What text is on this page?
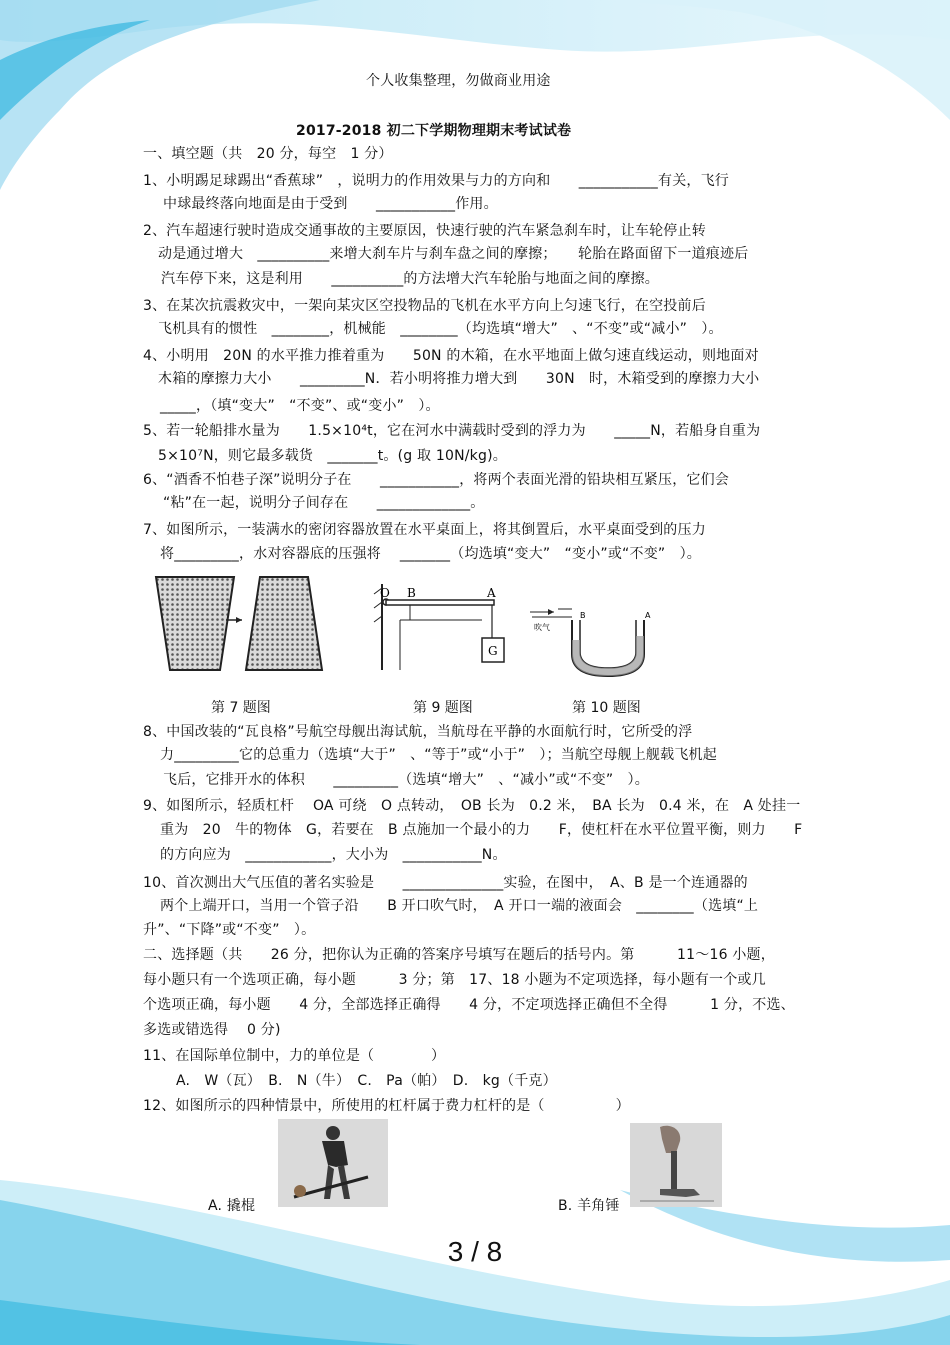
个人收集整理，勿做商业用途
2017-2018 初二下学期物理期末考试试卷
一、填空题（共　20 分，每空　1 分）
1、小明踢足球踢出“香蕉球”　，说明力的作用效果与力的方向和　　___________有关，飞行
中球最终落向地面是由于受到　　___________作用。
2、汽车超速行驶时造成交通事故的主要原因，快速行驶的汽车紧急刹车时，让车轮停止转
动是通过增大　__________来增大刹车片与刹车盘之间的摩擦；　　轮胎在路面留下一道痕迹后
汽车停下来，这是利用　　__________的方法增大汽车轮胎与地面之间的摩擦。
3、在某次抗震救灾中，一架向某灾区空投物品的飞机在水平方向上匀速飞行，在空投前后
飞机具有的惯性　________，机械能　________（均选填“增大”　、“不变”或“减小”　）。
4、小明用　20N 的水平推力推着重为　　50N 的木箱，在水平地面上做匀速直线运动，则地面对
木箱的摩擦力大小　　_________N．若小明将推力增大到　　30N　时，木箱受到的摩擦力大小
_____，（填“变大”　“不变”、或“变小”　）。
5、若一轮船排水量为　　1.5×10⁴t，它在河水中满载时受到的浮力为　　_____N，若船身自重为
5×10⁷N，则它最多载货　_______t。(g 取 10N/kg)。
6、“酒香不怕巷子深”说明分子在　　___________，将两个表面光滑的铅块相互紧压，它们会
“粘”在一起，说明分子间存在　　_____________。
7、如图所示，一装满水的密闭容器放置在水平桌面上，将其倒置后，水平桌面受到的压力
将_________，水对容器底的压强将　 _______（均选填“变大”　“变小”或“不变”　）。
O B	A
G
吹气
B	A
第 7 题图	第 9 题图	第 10 题图
8、中国改装的“瓦良格”号航空母舰出海试航，当航母在平静的水面航行时，它所受的浮
力_________它的总重力（选填“大于”　、“等于”或“小于”　）；当航空母舰上舰载飞机起
飞后，它排开水的体积　　_________（选填“增大”　、“减小”或“不变”　）。
9、如图所示，轻质杠杆　 OA 可绕　O 点转动，　OB 长为　0.2 米，　BA 长为　0.4 米，在　A 处挂一
重为　20　牛的物体　G，若要在　B 点施加一个最小的力　　F，使杠杆在水平位置平衡，则力　　F
的方向应为　____________，大小为　___________N。
10、首次测出大气压值的著名实验是　　______________实验，在图中，　A、B 是一个连通器的
两个上端开口，当用一个管子沿　　B 开口吹气时，　A 开口一端的液面会　________（选填“上
升”、“下降”或“不变”　）。
二、选择题（共　　26 分，把你认为正确的答案序号填写在题后的括号内。第　　　11～16 小题，
每小题只有一个选项正确，每小题　　　3 分；第　17、18 小题为不定项选择，每小题有一个或几
个选项正确，每小题　　4 分，全部选择正确得　　4 分，不定项选择正确但不全得　　　1 分，不选、
多选或错选得　 0 分)
11、在国际单位制中，力的单位是（　　　　）
A.　W（瓦）　B.　N（牛）　C.　Pa（帕）　D.　kg（千克）
12、如图所示的四种情景中，所使用的杠杆属于费力杠杆的是（　　　　　）
A. 撬棍	B. 羊角锤
3 / 8
